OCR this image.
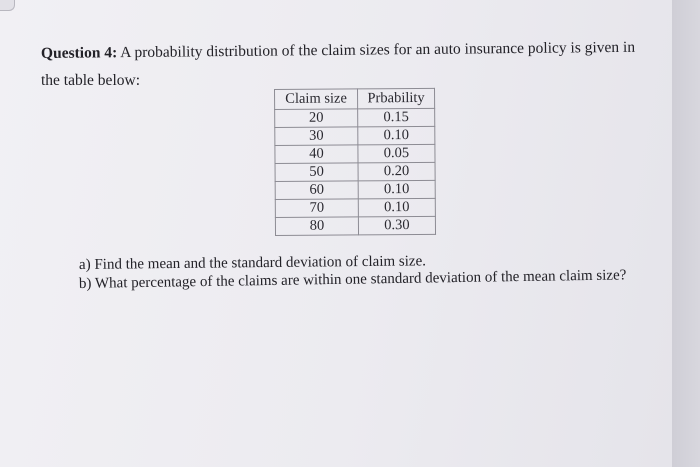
Question 4: A probability distribution of the claim sizes for an auto insurance policy is given in
the table below:
Claim size	Prbability
20	0.15
30	0.10
40	0.05
50	0.20
60	0.10
70	0.10
80	0.30
a) Find the mean and the standard deviation of claim size.
b) What percentage of the claims are within one standard deviation of the mean claim size?
